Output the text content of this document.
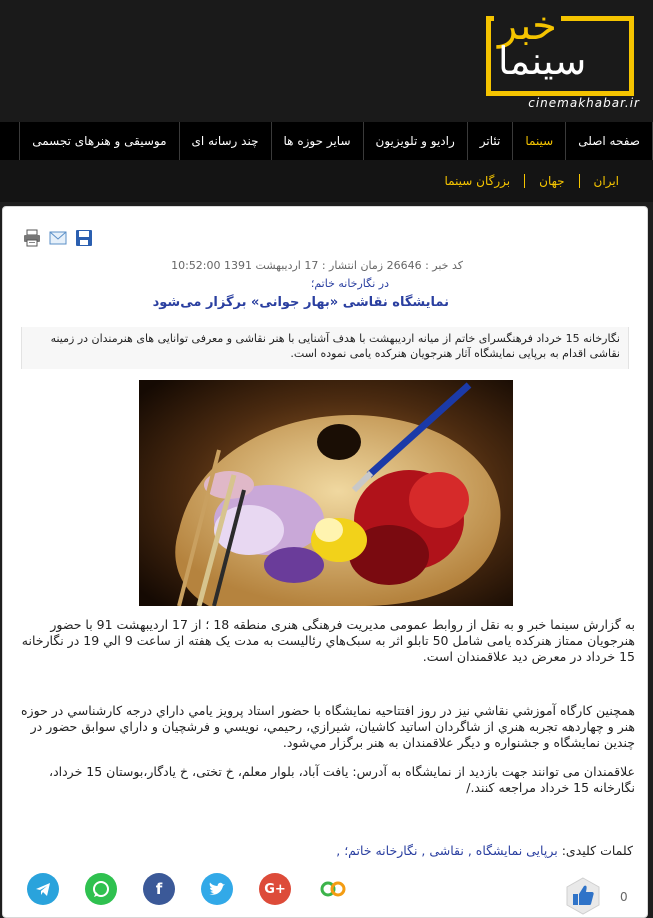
خبر
سینما
cinemakhabar.ir
صفحه اصلی
سینما
تئاتر
رادیو و تلویزیون
سایر حوزه ها
چند رسانه ای
موسیقی و هنرهای تجسمی
ایران
جهان
بزرگان سینما
کد خبر : 26646 زمان انتشار : 17 اردیبهشت 1391 10:52:00
در نگارخانه خاتم؛
نمایشگاه نقاشی «بهار جوانی» برگزار می‌شود
نگارخانه 15 خرداد فرهنگسرای خاتم از میانه اردیبهشت با هدف آشنایی با هنر نقاشی و معرفی توانایی های هنرمندان در زمینه نقاشی اقدام به برپایی نمایشگاه آثار هنرجویان هنرکده یامی نموده است.
به گزارش سینما خبر و به نقل از روابط عمومی مدیریت فرهنگی هنری منطقه 18 ؛ از 17 اردیبهشت 91 با حضور هنرجویان ممتاز هنرکده یامی شامل 50 تابلو اثر به سبک‌هاي رئاليست به مدت یک هفته از ساعت 9 الي 19 در نگارخانه 15 خرداد در معرض دید علاقمندان است.
همچنین کارگاه آموزشي نقاشي نيز در روز افتتاحیه نمايشگاه با حضور استاد پرويز يامي داراي درجه کارشناسي در حوزه هنر و چهاردهه تجربه هنري از شاگردان اساتيد کاشيان، شيرازي، رحيمي، نويسي و فرشچيان و داراي سوابق حضور در چندين نمايشگاه و جشنواره و ديگر علاقمندان به هنر برگزار مي‌شود.
علاقمندان می توانند جهت بازدید از نمایشگاه به آدرس: یافت آباد، بلوار معلم، خ تختی، خ یادگار،بوستان 15 خرداد، نگارخانه 15 خرداد مراجعه کنند./
کلمات کلیدی: برپایی نمایشگاه , نقاشی , نگارخانه خاتم؛ ,
f	G+
0
